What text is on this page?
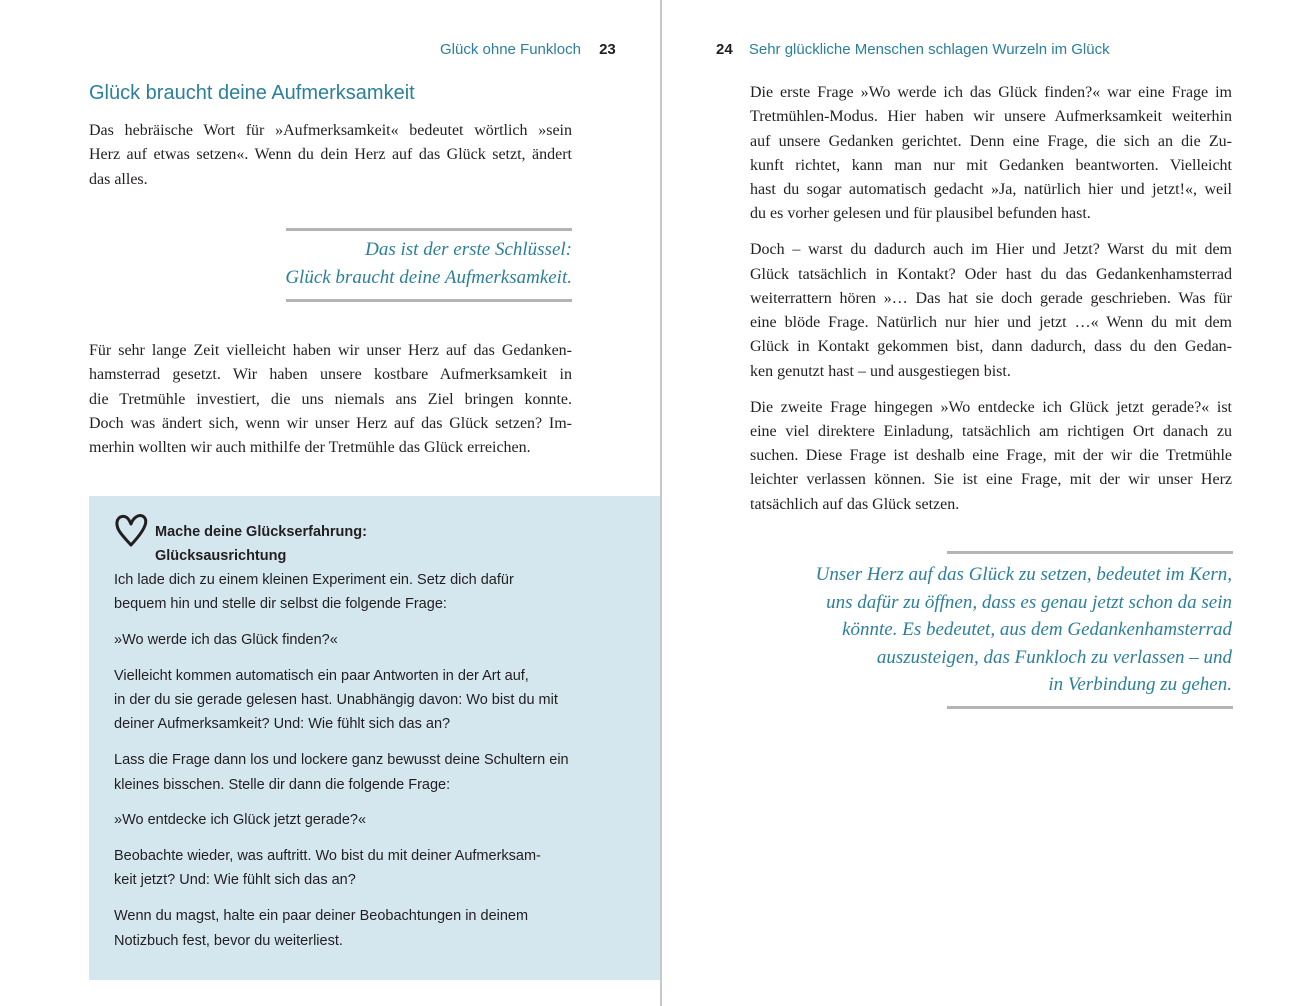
Glück ohne Funkloch 23
Glück braucht deine Aufmerksamkeit
Das hebräische Wort für »Aufmerksamkeit« bedeutet wörtlich »sein
Herz auf etwas setzen«. Wenn du dein Herz auf das Glück setzt, ändert
das alles.
Das ist der erste Schlüssel:
Glück braucht deine Aufmerksamkeit.
Für sehr lange Zeit vielleicht haben wir unser Herz auf das Gedanken-
hamsterrad gesetzt. Wir haben unsere kostbare Aufmerksamkeit in
die Tretmühle investiert, die uns niemals ans Ziel bringen konnte.
Doch was ändert sich, wenn wir unser Herz auf das Glück setzen? Im-
merhin wollten wir auch mithilfe der Tretmühle das Glück erreichen.
Mache deine Glückserfahrung:
Glücksausrichtung
Ich lade dich zu einem kleinen Experiment ein. Setz dich dafür
bequem hin und stelle dir selbst die folgende Frage:
»Wo werde ich das Glück finden?«
Vielleicht kommen automatisch ein paar Antworten in der Art auf,
in der du sie gerade gelesen hast. Unabhängig davon: Wo bist du mit
deiner Aufmerksamkeit? Und: Wie fühlt sich das an?
Lass die Frage dann los und lockere ganz bewusst deine Schultern ein
kleines bisschen. Stelle dir dann die folgende Frage:
»Wo entdecke ich Glück jetzt gerade?«
Beobachte wieder, was auftritt. Wo bist du mit deiner Aufmerksam-
keit jetzt? Und: Wie fühlt sich das an?
Wenn du magst, halte ein paar deiner Beobachtungen in deinem
Notizbuch fest, bevor du weiterliest.
24 Sehr glückliche Menschen schlagen Wurzeln im Glück
Die erste Frage »Wo werde ich das Glück finden?« war eine Frage im
Tretmühlen-Modus. Hier haben wir unsere Aufmerksamkeit weiterhin
auf unsere Gedanken gerichtet. Denn eine Frage, die sich an die Zu-
kunft richtet, kann man nur mit Gedanken beantworten. Vielleicht
hast du sogar automatisch gedacht »Ja, natürlich hier und jetzt!«, weil
du es vorher gelesen und für plausibel befunden hast.
Doch – warst du dadurch auch im Hier und Jetzt? Warst du mit dem
Glück tatsächlich in Kontakt? Oder hast du das Gedankenhamsterrad
weiterrattern hören »… Das hat sie doch gerade geschrieben. Was für
eine blöde Frage. Natürlich nur hier und jetzt …« Wenn du mit dem
Glück in Kontakt gekommen bist, dann dadurch, dass du den Gedan-
ken genutzt hast – und ausgestiegen bist.
Die zweite Frage hingegen »Wo entdecke ich Glück jetzt gerade?« ist
eine viel direktere Einladung, tatsächlich am richtigen Ort danach zu
suchen. Diese Frage ist deshalb eine Frage, mit der wir die Tretmühle
leichter verlassen können. Sie ist eine Frage, mit der wir unser Herz
tatsächlich auf das Glück setzen.
Unser Herz auf das Glück zu setzen, bedeutet im Kern,
uns dafür zu öffnen, dass es genau jetzt schon da sein
könnte. Es bedeutet, aus dem Gedankenhamsterrad
auszusteigen, das Funkloch zu verlassen – und
in Verbindung zu gehen.
